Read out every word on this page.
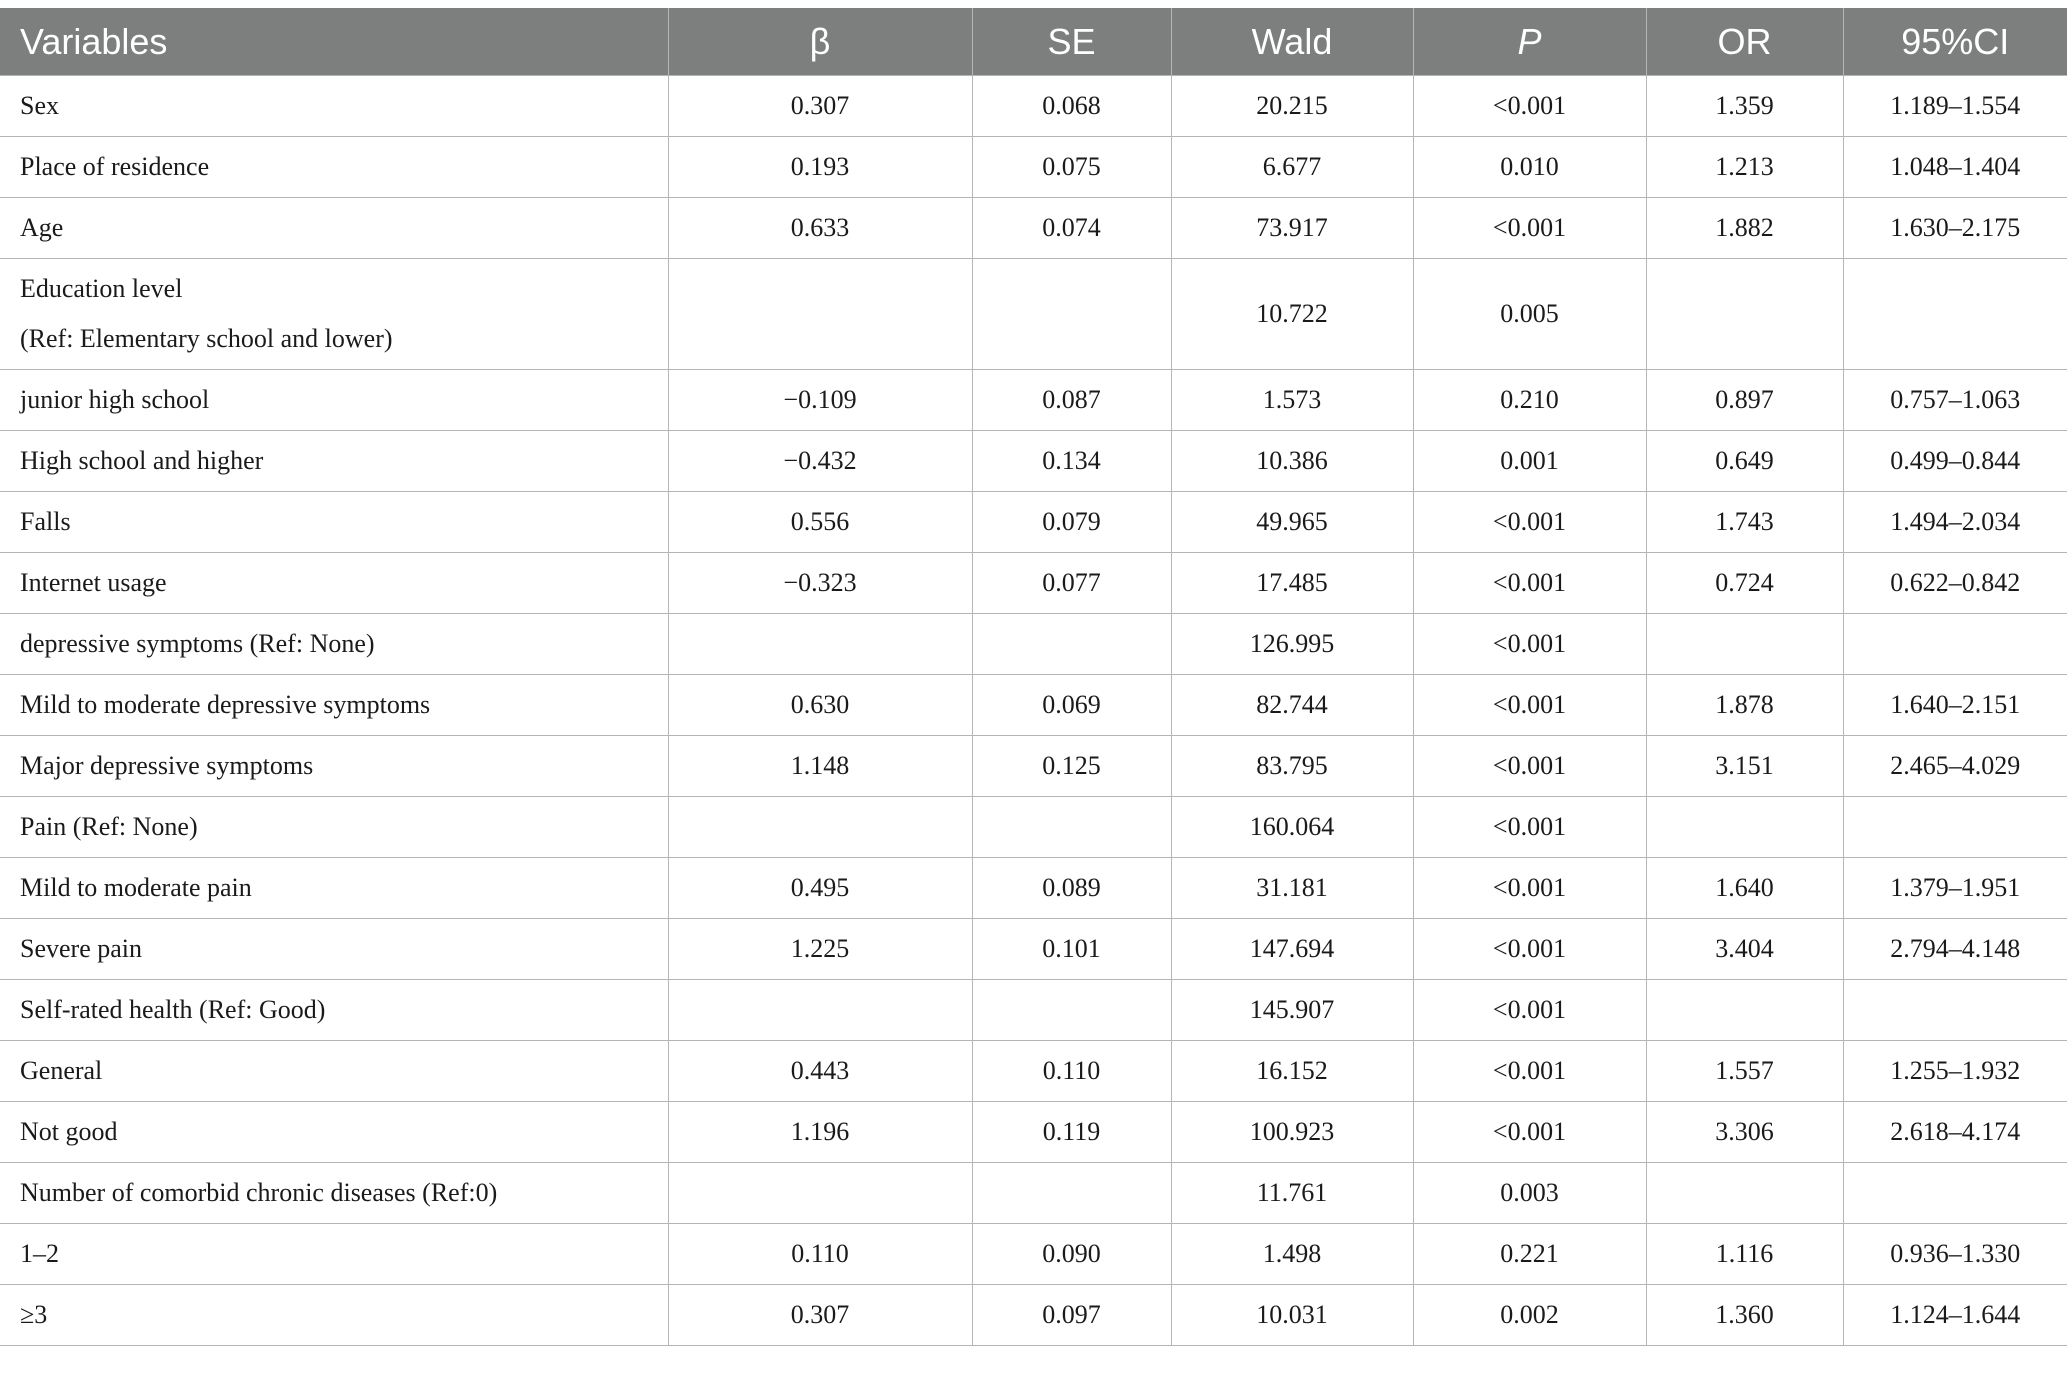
Variables	β	SE	Wald	P	OR	95%CI
Sex	0.307	0.068	20.215	<0.001	1.359	1.189–1.554
Place of residence	0.193	0.075	6.677	0.010	1.213	1.048–1.404
Age	0.633	0.074	73.917	<0.001	1.882	1.630–2.175

Education level
(Ref: Elementary school and lower)			10.722	0.005		
junior high school	−0.109	0.087	1.573	0.210	0.897	0.757–1.063
High school and higher	−0.432	0.134	10.386	0.001	0.649	0.499–0.844
Falls	0.556	0.079	49.965	<0.001	1.743	1.494–2.034
Internet usage	−0.323	0.077	17.485	<0.001	0.724	0.622–0.842
depressive symptoms (Ref: None)			126.995	<0.001		
Mild to moderate depressive symptoms	0.630	0.069	82.744	<0.001	1.878	1.640–2.151
Major depressive symptoms	1.148	0.125	83.795	<0.001	3.151	2.465–4.029
Pain (Ref: None)			160.064	<0.001		
Mild to moderate pain	0.495	0.089	31.181	<0.001	1.640	1.379–1.951
Severe pain	1.225	0.101	147.694	<0.001	3.404	2.794–4.148
Self-rated health (Ref: Good)			145.907	<0.001		
General	0.443	0.110	16.152	<0.001	1.557	1.255–1.932
Not good	1.196	0.119	100.923	<0.001	3.306	2.618–4.174
Number of comorbid chronic diseases (Ref:0)			11.761	0.003		
1–2	0.110	0.090	1.498	0.221	1.116	0.936–1.330
≥3	0.307	0.097	10.031	0.002	1.360	1.124–1.644
